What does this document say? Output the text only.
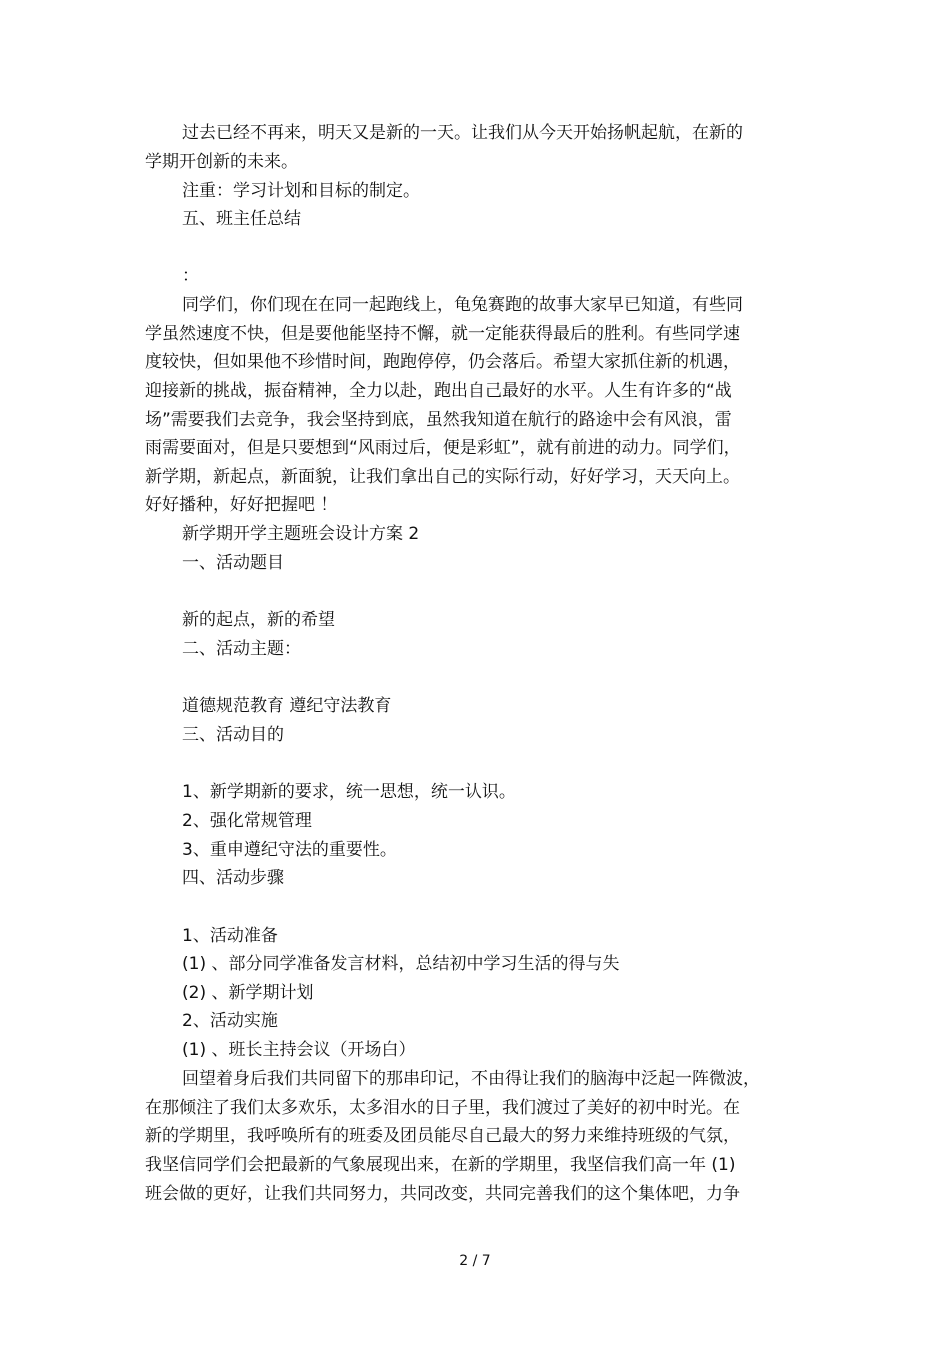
过去已经不再来，明天又是新的一天。让我们从今天开始扬帆起航，在新的
学期开创新的未来。
注重：学习计划和目标的制定。
五、班主任总结
：
同学们，你们现在在同一起跑线上，龟兔赛跑的故事大家早已知道，有些同
学虽然速度不快，但是要他能坚持不懈，就一定能获得最后的胜利。有些同学速
度较快，但如果他不珍惜时间，跑跑停停，仍会落后。希望大家抓住新的机遇，
迎接新的挑战，振奋精神，全力以赴，跑出自己最好的水平。人生有许多的“战
场”需要我们去竞争，我会坚持到底，虽然我知道在航行的路途中会有风浪，雷
雨需要面对，但是只要想到“风雨过后，便是彩虹”，就有前进的动力。同学们，
新学期，新起点，新面貌，让我们拿出自己的实际行动，好好学习，天天向上。
好好播种，好好把握吧 ！
新学期开学主题班会设计方案 2
一、活动题目
新的起点，新的希望
二、活动主题：
道德规范教育 遵纪守法教育
三、活动目的
1、新学期新的要求，统一思想，统一认识。
2、强化常规管理
3、重申遵纪守法的重要性。
四、活动步骤
1、活动准备
(1) 、部分同学准备发言材料，总结初中学习生活的得与失
(2) 、新学期计划
2、活动实施
(1) 、班长主持会议（开场白）
回望着身后我们共同留下的那串印记，不由得让我们的脑海中泛起一阵微波，
在那倾注了我们太多欢乐，太多泪水的日子里，我们渡过了美好的初中时光。在
新的学期里，我呼唤所有的班委及团员能尽自己最大的努力来维持班级的气氛，
我坚信同学们会把最新的气象展现出来，在新的学期里，我坚信我们高一年 (1)
班会做的更好，让我们共同努力，共同改变，共同完善我们的这个集体吧，力争
2 / 7
